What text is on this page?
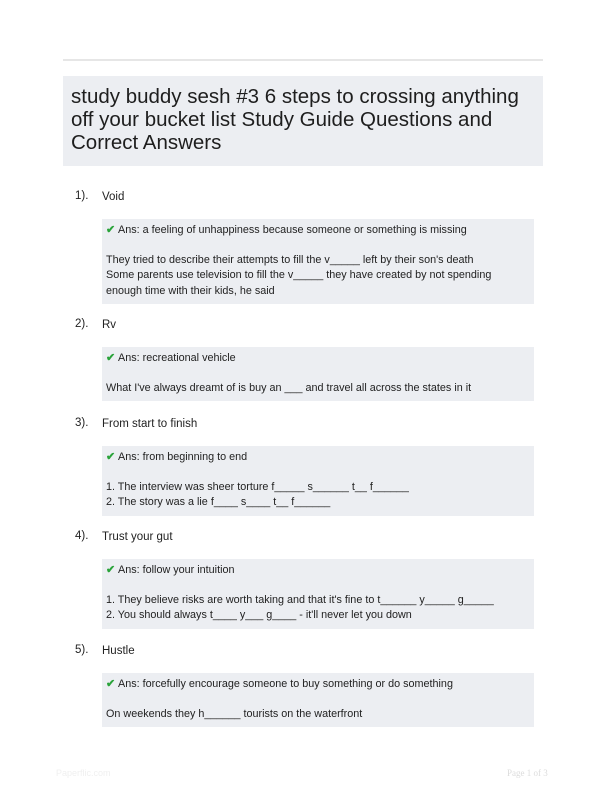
study buddy sesh #3 6 steps to crossing anything off your bucket list Study Guide Questions and Correct Answers
1). Void
✔ Ans: a feeling of unhappiness because someone or something is missing
They tried to describe their attempts to fill the v_____ left by their son's death
Some parents use television to fill the v_____ they have created by not spending enough time with their kids, he said
2). Rv
✔ Ans: recreational vehicle
What I've always dreamt of is buy an ___ and travel all across the states in it
3). From start to finish
✔ Ans: from beginning to end
1. The interview was sheer torture f_____ s______ t__ f______
2. The story was a lie f____ s____ t__ f______
4). Trust your gut
✔ Ans: follow your intuition
1. They believe risks are worth taking and that it's fine to t______ y_____ g_____
2. You should always t____ y___ g____ - it'll never let you down
5). Hustle
✔ Ans: forcefully encourage someone to buy something or do something
On weekends they h______ tourists on the waterfront
Paperflic.com	Page 1 of 3
